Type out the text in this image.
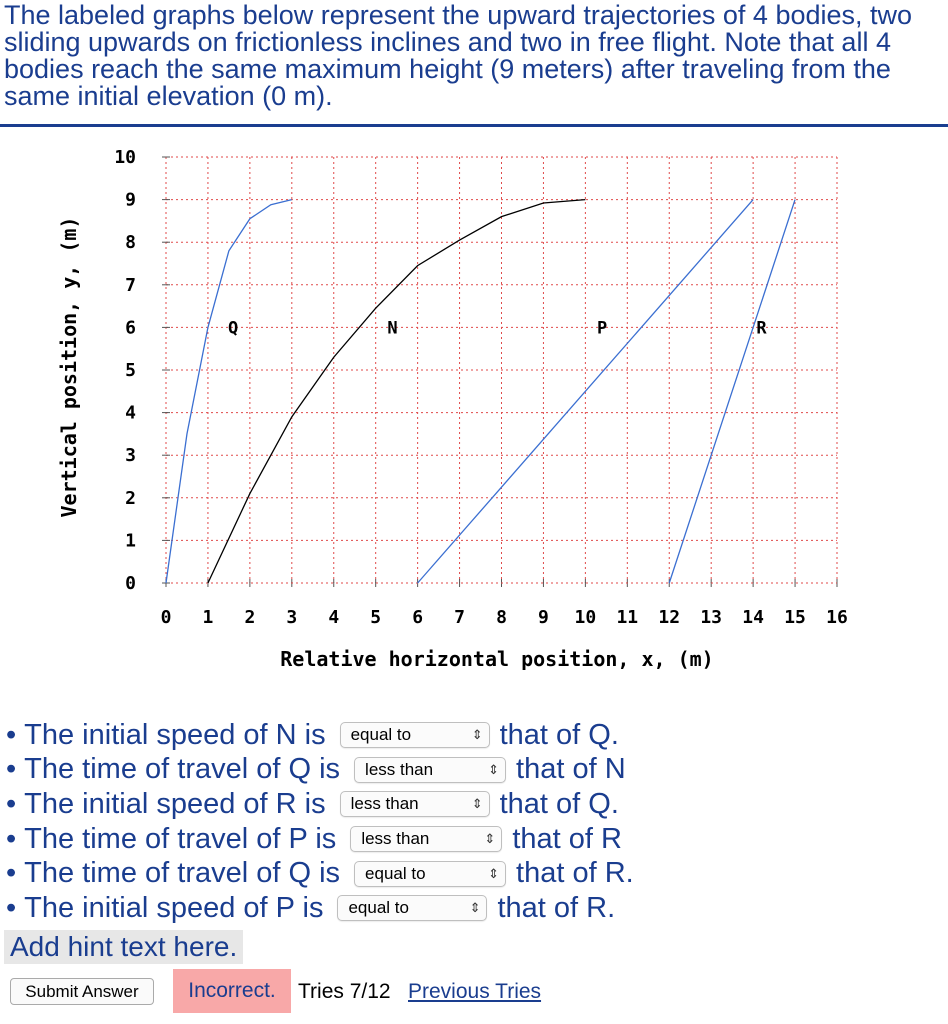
The labeled graphs below represent the upward trajectories of 4 bodies, two sliding upwards on frictionless inclines and two in free flight. Note that all 4 bodies reach the same maximum height (9 meters) after traveling from the same initial elevation (0 m).
0 1 2 3 4 5 6 7 8 9 10 11 12 13 14 15 16
0
1
2
3
4
5
6
7
8
9
10
Q	N	P	R
Relative horizontal position, x, (m)
Vertical position, y, (m)
• The initial speed of N is equal to	⇕ that of Q.
• The time of travel of Q is less than	⇕ that of N
• The initial speed of R is less than	⇕ that of Q.
• The time of travel of P is less than	⇕ that of R
• The time of travel of Q is equal to	⇕ that of R.
• The initial speed of P is equal to	⇕ that of R.
Add hint text here.
Submit Answer	Incorrect.	Tries 7/12 Previous Tries
